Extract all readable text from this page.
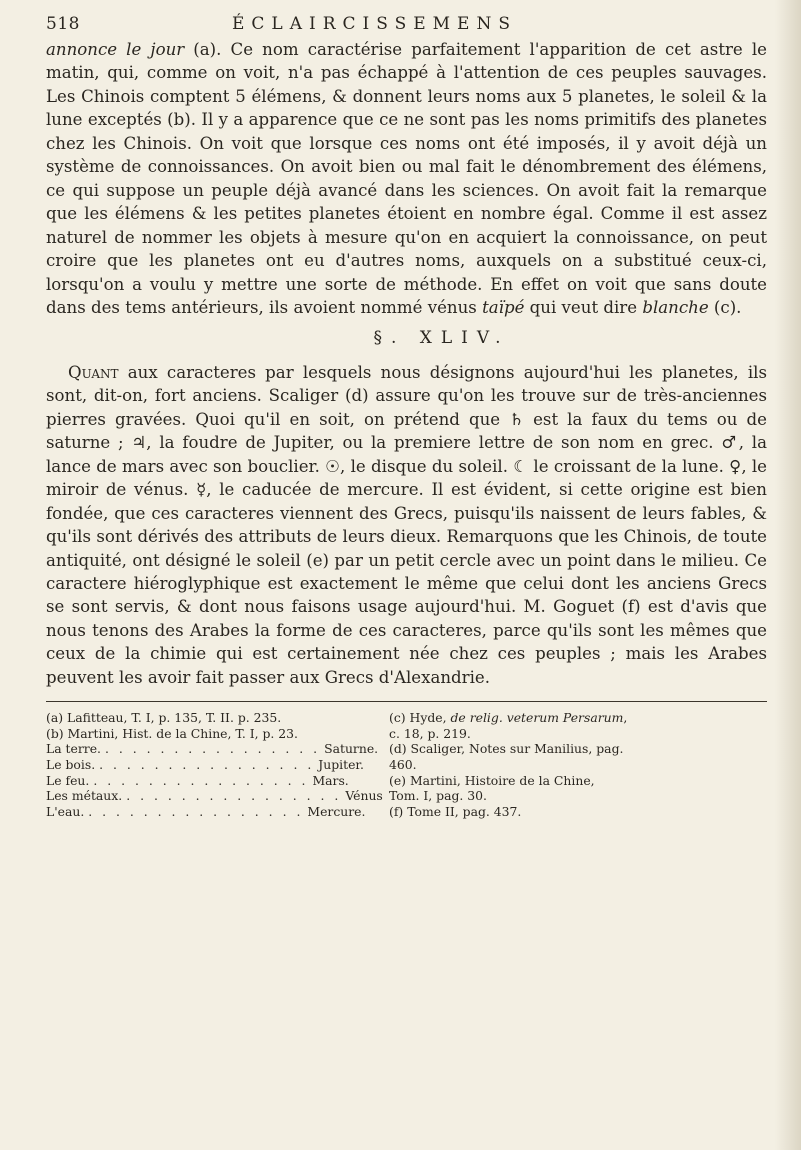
518	ÉCLAIRCISSEMENS

annonce le jour (a). Ce nom caractérise parfaitement l'apparition de cet astre le matin, qui, comme on voit, n'a pas échappé à l'attention de ces peuples sauvages. Les Chinois comptent 5 élémens, & donnent leurs noms aux 5 planetes, le soleil & la lune exceptés (b). Il y a apparence que ce ne sont pas les noms primitifs des planetes chez les Chinois. On voit que lorsque ces noms ont été imposés, il y avoit déjà un système de connoissances. On avoit bien ou mal fait le dénombrement des élémens, ce qui suppose un peuple déjà avancé dans les sciences. On avoit fait la remarque que les élémens & les petites planetes étoient en nombre égal. Comme il est assez naturel de nommer les objets à mesure qu'on en acquiert la connoissance, on peut croire que les planetes ont eu d'autres noms, auxquels on a substitué ceux-ci, lorsqu'on a voulu y mettre une sorte de méthode. En effet on voit que sans doute dans des tems antérieurs, ils avoient nommé vénus taïpé qui veut dire blanche (c).

§. XLIV.

Quant aux caracteres par lesquels nous désignons aujourd'hui les planetes, ils sont, dit-on, fort anciens. Scaliger (d) assure qu'on les trouve sur de très-anciennes pierres gravées. Quoi qu'il en soit, on prétend que ♄ est la faux du tems ou de saturne ; ♃, la foudre de Jupiter, ou la premiere lettre de son nom en grec. ♂, la lance de mars avec son bouclier. ☉, le disque du soleil. ☾ le croissant de la lune. ♀, le miroir de vénus. ☿, le caducée de mercure. Il est évident, si cette origine est bien fondée, que ces caracteres viennent des Grecs, puisqu'ils naissent de leurs fables, & qu'ils sont dérivés des attributs de leurs dieux. Remarquons que les Chinois, de toute antiquité, ont désigné le soleil (e) par un petit cercle avec un point dans le milieu. Ce caractere hiéroglyphique est exactement le même que celui dont les anciens Grecs se sont servis, & dont nous faisons usage aujourd'hui. M. Goguet (f) est d'avis que nous tenons des Arabes la forme de ces caracteres, parce qu'ils sont les mêmes que ceux de la chimie qui est certainement née chez ces peuples ; mais les Arabes peuvent les avoir fait passer aux Grecs d'Alexandrie.

(a) Lafitteau, T. I, p. 135, T. II. p. 235.
(b) Martini, Hist. de la Chine, T. I, p. 23.
La terre. . . . . . . . . . . . . . . . . Saturne.
Le bois. . . . . . . . . . . . . . . . . Jupiter.
Le feu. . . . . . . . . . . . . . . . . Mars.
Les métaux. . . . . . . . . . . . . . . . . Vénus
L'eau. . . . . . . . . . . . . . . . . Mercure.
(c) Hyde, de relig. veterum Persarum,
c. 18, p. 219.
(d) Scaliger, Notes sur Manilius, pag.
460.
(e) Martini, Histoire de la Chine,
Tom. I, pag. 30.
(f) Tome II, pag. 437.
